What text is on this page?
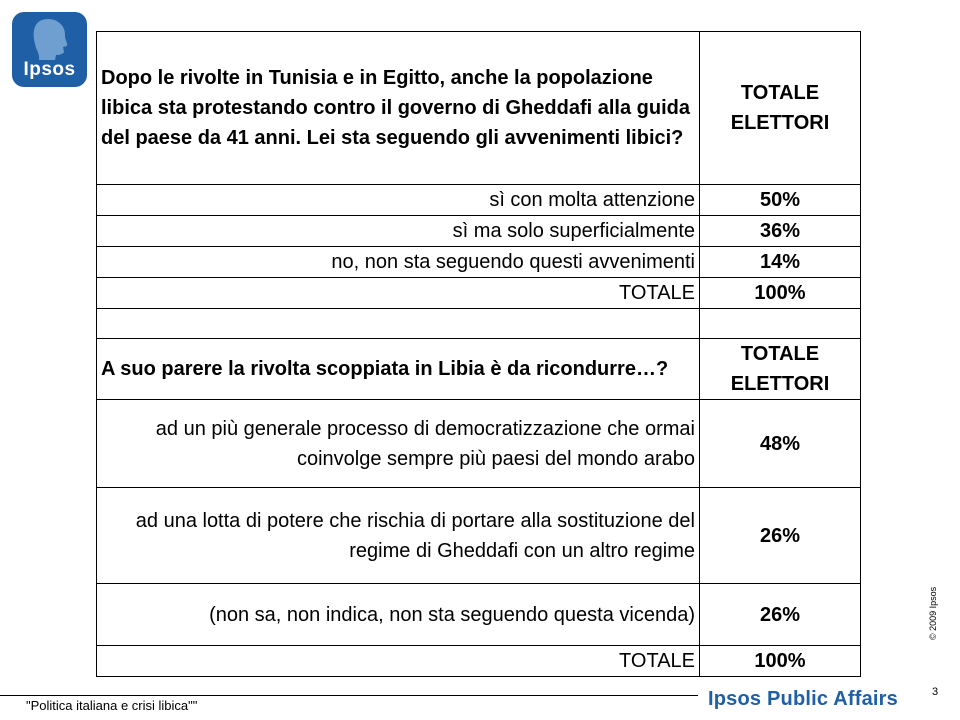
Ipsos	Dopo le rivolte in Tunisia e in Egitto, anche la popolazione libica sta protestando contro il governo di Gheddafi alla guida del paese da 41 anni. Lei sta seguendo gli avvenimenti libici?	TOTALE ELETTORI
sì con molta attenzione	50%
sì ma solo superficialmente	36%
no, non sta seguendo questi avvenimenti	14%
TOTALE	100%

A suo parere la rivolta scoppiata in Libia è da ricondurre…?	TOTALE ELETTORI
ad un più generale processo di democratizzazione che ormai coinvolge sempre più paesi del mondo arabo	48%
ad una lotta di potere che rischia di portare alla sostituzione del regime di Gheddafi con un altro regime	26%
(non sa, non indica, non sta seguendo questa vicenda)	26%
TOTALE	100%
© 2009 Ipsos
"Politica italiana e crisi libica""
3
Ipsos Public Affairs
